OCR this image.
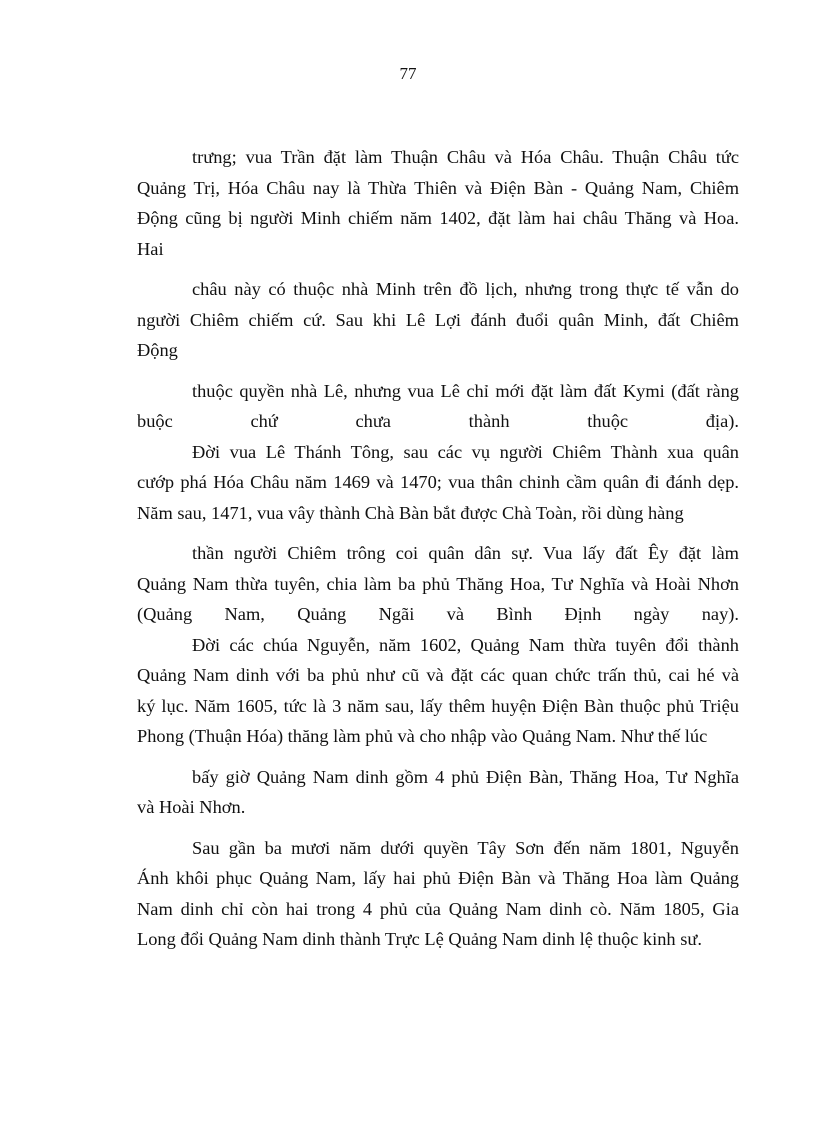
77
trưng; vua Trần đặt làm Thuận Châu và Hóa Châu. Thuận Châu tức
Quảng Trị, Hóa Châu nay là Thừa Thiên và Điện Bàn - Quảng Nam, Chiêm
Động cũng bị người Minh chiếm năm 1402, đặt làm hai châu Thăng và Hoa.
Hai
châu này có thuộc nhà Minh trên đồ lịch, nhưng trong thực tế vẫn do
người Chiêm chiếm cứ. Sau khi Lê Lợi đánh đuổi quân Minh, đất Chiêm
Động
thuộc quyền nhà Lê, nhưng vua Lê chỉ mới đặt làm đất Kymi (đất ràng
buộc chứ chưa thành thuộc địa).
Đời vua Lê Thánh Tông, sau các vụ người Chiêm Thành xua quân
cướp phá Hóa Châu năm 1469 và 1470; vua thân chinh cầm quân đi đánh dẹp.
Năm sau, 1471, vua vây thành Chà Bàn bắt được Chà Toàn, rồi dùng hàng
thần người Chiêm trông coi quân dân sự. Vua lấy đất Êy đặt làm
Quảng Nam thừa tuyên, chia làm ba phủ Thăng Hoa, Tư Nghĩa và Hoài Nhơn
(Quảng Nam, Quảng Ngãi và Bình Định ngày nay).
Đời các chúa Nguyễn, năm 1602, Quảng Nam thừa tuyên đổi thành
Quảng Nam dinh với ba phủ như cũ và đặt các quan chức trấn thủ, cai hé và
ký lục. Năm 1605, tức là 3 năm sau, lấy thêm huyện Điện Bàn thuộc phủ Triệu
Phong (Thuận Hóa) thăng làm phủ và cho nhập vào Quảng Nam. Như thế lúc
bấy giờ Quảng Nam dinh gồm 4 phủ Điện Bàn, Thăng Hoa, Tư Nghĩa
và Hoài Nhơn.
Sau gần ba mươi năm dưới quyền Tây Sơn đến năm 1801, Nguyễn
Ánh khôi phục Quảng Nam, lấy hai phủ Điện Bàn và Thăng Hoa làm Quảng
Nam dinh chỉ còn hai trong 4 phủ của Quảng Nam dinh cò. Năm 1805, Gia
Long đổi Quảng Nam dinh thành Trực Lệ Quảng Nam dinh lệ thuộc kinh sư.
